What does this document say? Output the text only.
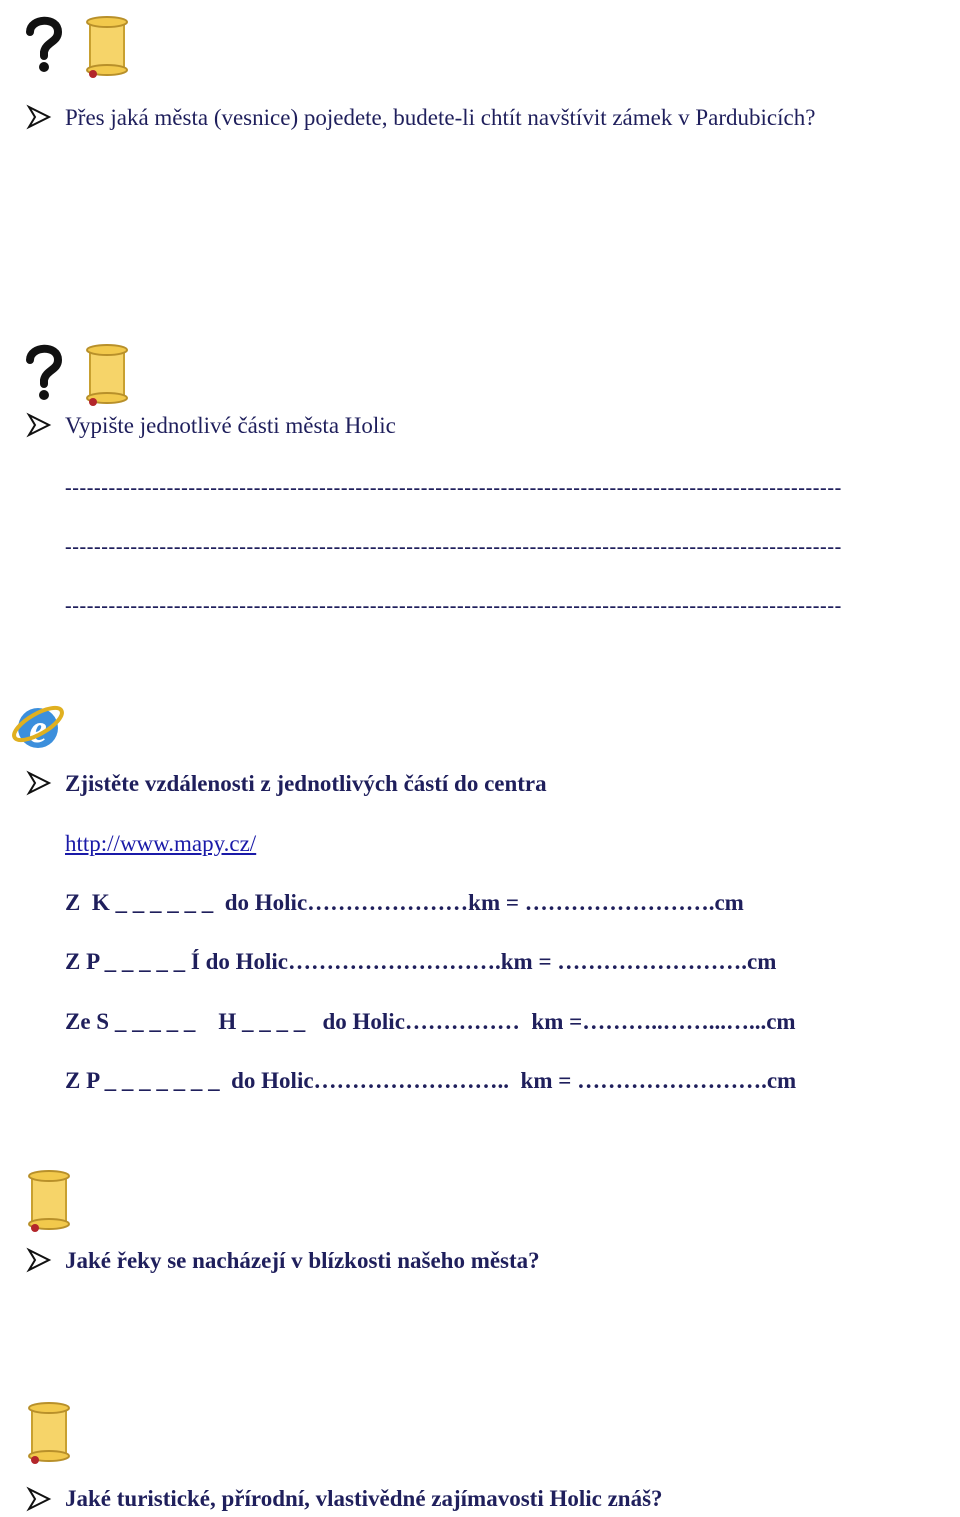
Přes jaká města (vesnice) pojedete, budete-li chtít navštívit zámek v Pardubicích?
Vypište jednotlivé části města Holic
-----------------------------------------------------------------------------------------------------------
-----------------------------------------------------------------------------------------------------------
-----------------------------------------------------------------------------------------------------------
e
Zjistěte vzdálenosti z jednotlivých částí do centra
http://www.mapy.cz/
Z  K _ _ _ _ _ _  do Holic…………………km = …………………….cm
Z P _ _ _ _ _ Í do Holic……………………….km = …………………….cm
Ze S _ _ _ _ _    H _ _ _ _   do Holic……………  km =………..……...…...cm
Z P _ _ _ _ _ _ _  do Holic……………………..  km = …………………….cm
Jaké řeky se nacházejí v blízkosti našeho města?
Jaké turistické, přírodní, vlastivědné zajímavosti Holic znáš?
